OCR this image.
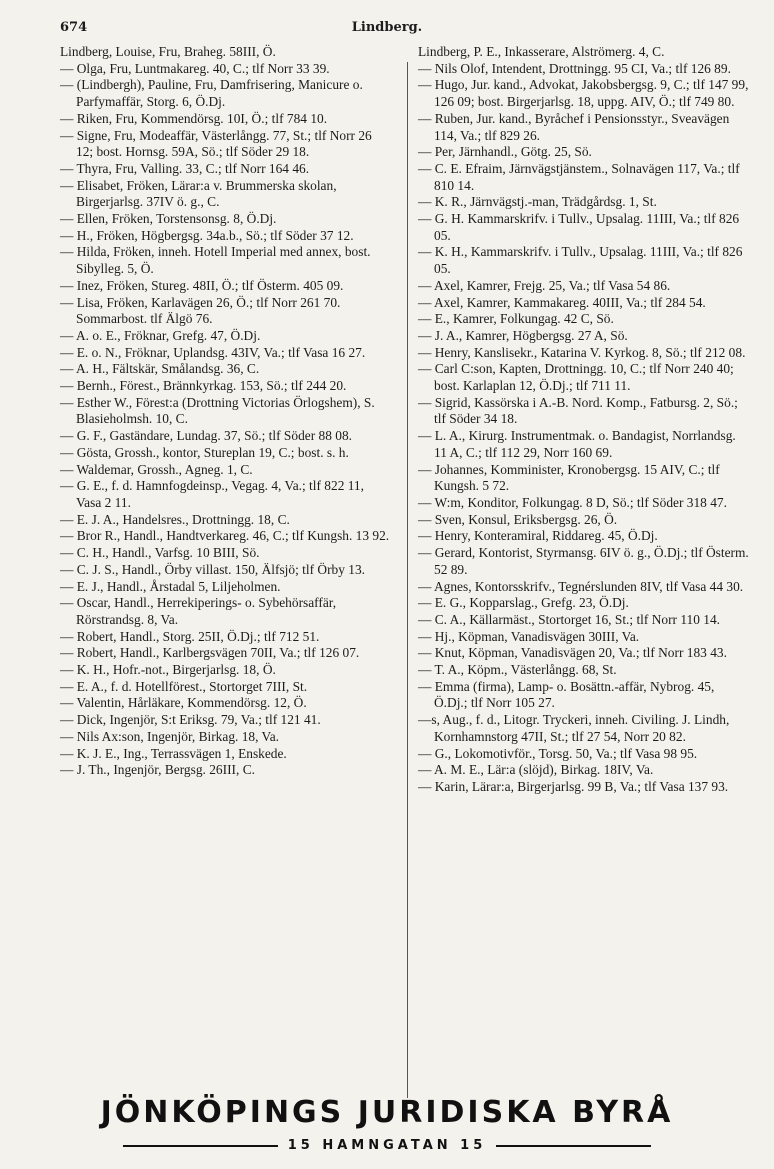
674	Lindberg.

Lindberg, Louise, Fru, Braheg. 58III, Ö.

— Olga, Fru, Luntmakareg. 40, C.; tlf Norr 33 39.

— (Lindbergh), Pauline, Fru, Damfrisering, Manicure o. Parfymaffär, Storg. 6, Ö.Dj.

— Riken, Fru, Kommendörsg. 10I, Ö.; tlf 784 10.

— Signe, Fru, Modeaffär, Västerlångg. 77, St.; tlf Norr 26 12; bost. Hornsg. 59A, Sö.; tlf Söder 29 18.

— Thyra, Fru, Valling. 33, C.; tlf Norr 164 46.

— Elisabet, Fröken, Lärar:a v. Brummerska skolan, Birgerjarlsg. 37IV ö. g., C.

— Ellen, Fröken, Torstensonsg. 8, Ö.Dj.

— H., Fröken, Högbergsg. 34a.b., Sö.; tlf Söder 37 12.

— Hilda, Fröken, inneh. Hotell Imperial med annex, bost. Sibylleg. 5, Ö.

— Inez, Fröken, Stureg. 48II, Ö.; tlf Österm. 405 09.

— Lisa, Fröken, Karlavägen 26, Ö.; tlf Norr 261 70. Sommarbost. tlf Älgö 76.

— A. o. E., Fröknar, Grefg. 47, Ö.Dj.

— E. o. N., Fröknar, Uplandsg. 43IV, Va.; tlf Vasa 16 27.

— A. H., Fältskär, Smålandsg. 36, C.

— Bernh., Förest., Brännkyrkag. 153, Sö.; tlf 244 20.

— Esther W., Förest:a (Drottning Victorias Örlogshem), S. Blasieholmsh. 10, C.

— G. F., Gaständare, Lundag. 37, Sö.; tlf Söder 88 08.

— Gösta, Grossh., kontor, Stureplan 19, C.; bost. s. h.

— Waldemar, Grossh., Agneg. 1, C.

— G. E., f. d. Hamnfogdeinsp., Vegag. 4, Va.; tlf 822 11, Vasa 2 11.

— E. J. A., Handelsres., Drottningg. 18, C.

— Bror R., Handl., Handtverkareg. 46, C.; tlf Kungsh. 13 92.

— C. H., Handl., Varfsg. 10 BIII, Sö.

— C. J. S., Handl., Örby villast. 150, Älfsjö; tlf Örby 13.

— E. J., Handl., Årstadal 5, Liljeholmen.

— Oscar, Handl., Herrekiperings- o. Sybehörsaffär, Rörstrandsg. 8, Va.

— Robert, Handl., Storg. 25II, Ö.Dj.; tlf 712 51.

— Robert, Handl., Karlbergsvägen 70II, Va.; tlf 126 07.

— K. H., Hofr.-not., Birgerjarlsg. 18, Ö.

— E. A., f. d. Hotellförest., Stortorget 7III, St.

— Valentin, Hårläkare, Kommendörsg. 12, Ö.

— Dick, Ingenjör, S:t Eriksg. 79, Va.; tlf 121 41.

— Nils Ax:son, Ingenjör, Birkag. 18, Va.

— K. J. E., Ing., Terrassvägen 1, Enskede.

— J. Th., Ingenjör, Bergsg. 26III, C.

Lindberg, P. E., Inkasserare, Alströmerg. 4, C.

— Nils Olof, Intendent, Drottningg. 95 CI, Va.; tlf 126 89.

— Hugo, Jur. kand., Advokat, Jakobsbergsg. 9, C.; tlf 147 99, 126 09; bost. Birgerjarlsg. 18, uppg. AIV, Ö.; tlf 749 80.

— Ruben, Jur. kand., Byråchef i Pensionsstyr., Sveavägen 114, Va.; tlf 829 26.

— Per, Järnhandl., Götg. 25, Sö.

— C. E. Efraim, Järnvägstjänstem., Solnavägen 117, Va.; tlf 810 14.

— K. R., Järnvägstj.-man, Trädgårdsg. 1, St.

— G. H. Kammarskrifv. i Tullv., Upsalag. 11III, Va.; tlf 826 05.

— K. H., Kammarskrifv. i Tullv., Upsalag. 11III, Va.; tlf 826 05.

— Axel, Kamrer, Frejg. 25, Va.; tlf Vasa 54 86.

— Axel, Kamrer, Kammakareg. 40III, Va.; tlf 284 54.

— E., Kamrer, Folkungag. 42 C, Sö.

— J. A., Kamrer, Högbergsg. 27 A, Sö.

— Henry, Kanslisekr., Katarina V. Kyrkog. 8, Sö.; tlf 212 08.

— Carl C:son, Kapten, Drottningg. 10, C.; tlf Norr 240 40; bost. Karlaplan 12, Ö.Dj.; tlf 711 11.

— Sigrid, Kassörska i A.-B. Nord. Komp., Fatbursg. 2, Sö.; tlf Söder 34 18.

— L. A., Kirurg. Instrumentmak. o. Bandagist, Norrlandsg. 11 A, C.; tlf 112 29, Norr 160 69.

— Johannes, Komminister, Kronobergsg. 15 AIV, C.; tlf Kungsh. 5 72.

— W:m, Konditor, Folkungag. 8 D, Sö.; tlf Söder 318 47.

— Sven, Konsul, Eriksbergsg. 26, Ö.

— Henry, Konteramiral, Riddareg. 45, Ö.Dj.

— Gerard, Kontorist, Styrmansg. 6IV ö. g., Ö.Dj.; tlf Österm. 52 89.

— Agnes, Kontorsskrifv., Tegnérslunden 8IV, tlf Vasa 44 30.

— E. G., Kopparslag., Grefg. 23, Ö.Dj.

— C. A., Källarmäst., Stortorget 16, St.; tlf Norr 110 14.

— Hj., Köpman, Vanadisvägen 30III, Va.

— Knut, Köpman, Vanadisvägen 20, Va.; tlf Norr 183 43.

— T. A., Köpm., Västerlångg. 68, St.

— Emma (firma), Lamp- o. Bosättn.-affär, Nybrog. 45, Ö.Dj.; tlf Norr 105 27.

—s, Aug., f. d., Litogr. Tryckeri, inneh. Civiling. J. Lindh, Kornhamnstorg 47II, St.; tlf 27 54, Norr 20 82.

— G., Lokomotivför., Torsg. 50, Va.; tlf Vasa 98 95.

— A. M. E., Lär:a (slöjd), Birkag. 18IV, Va.

— Karin, Lärar:a, Birgerjarlsg. 99 B, Va.; tlf Vasa 137 93.

JÖNKÖPINGS JURIDISKA BYRÅ
15 HAMNGATAN 15
